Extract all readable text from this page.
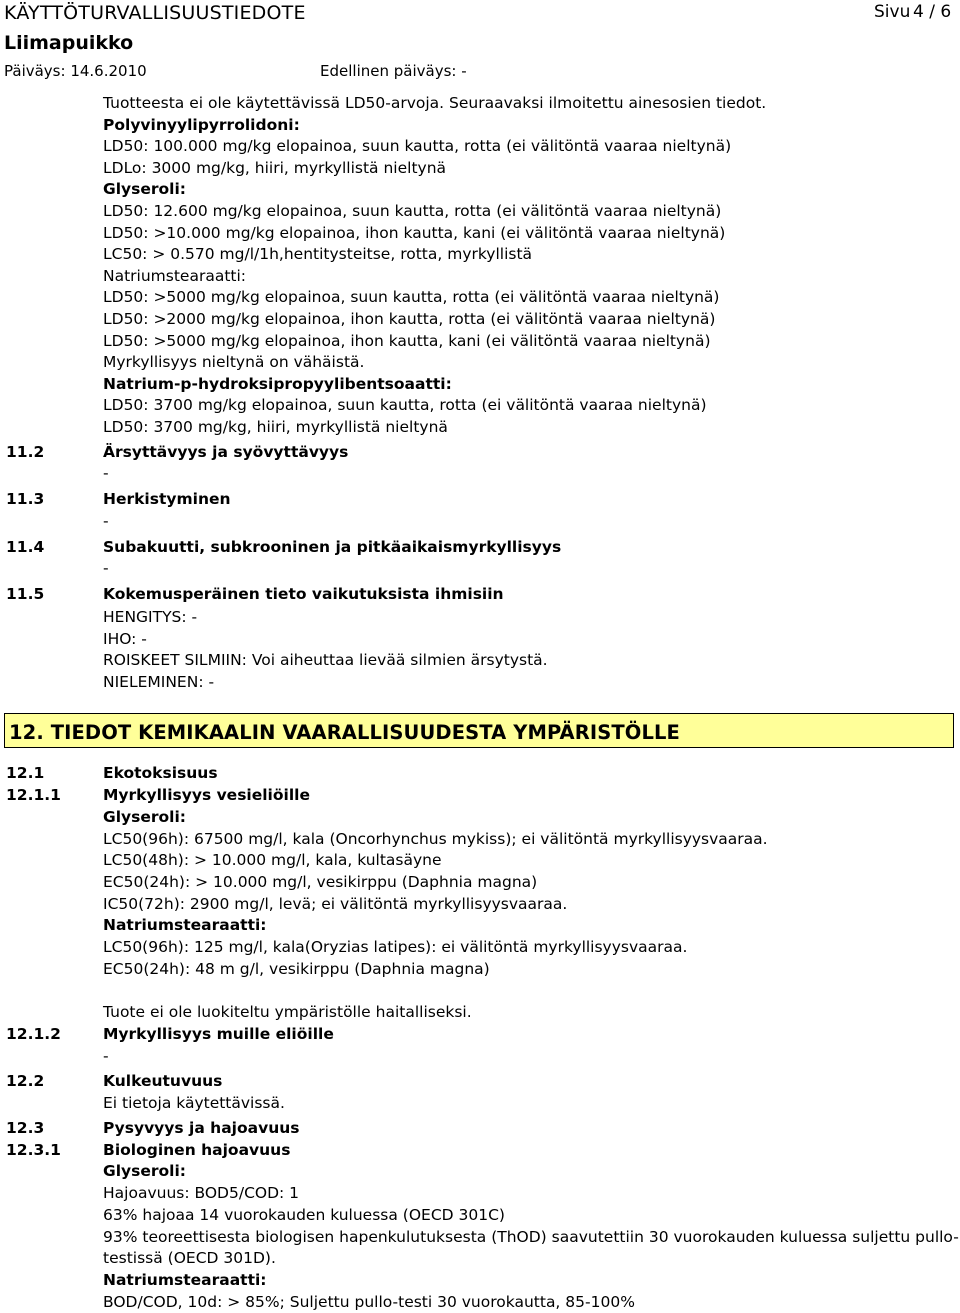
KÄYTTÖTURVALLISUUSTIEDOTE	Sivu 4 / 6
Liimapuikko
Päiväys: 14.6.2010	Edellinen päiväys: -
Tuotteesta ei ole käytettävissä LD50-arvoja. Seuraavaksi ilmoitettu ainesosien tiedot.
Polyvinyylipyrrolidoni:
LD50: 100.000 mg/kg elopainoa, suun kautta, rotta (ei välitöntä vaaraa nieltynä)
LDLo: 3000 mg/kg, hiiri, myrkyllistä nieltynä
Glyseroli:
LD50: 12.600 mg/kg elopainoa, suun kautta, rotta (ei välitöntä vaaraa nieltynä)
LD50: >10.000 mg/kg elopainoa, ihon kautta, kani (ei välitöntä vaaraa nieltynä)
LC50: > 0.570 mg/l/1h,hentitysteitse, rotta, myrkyllistä
Natriumstearaatti:
LD50: >5000 mg/kg elopainoa, suun kautta, rotta (ei välitöntä vaaraa nieltynä)
LD50: >2000 mg/kg elopainoa, ihon kautta, rotta (ei välitöntä vaaraa nieltynä)
LD50: >5000 mg/kg elopainoa, ihon kautta, kani (ei välitöntä vaaraa nieltynä)
Myrkyllisyys nieltynä on vähäistä.
Natrium-p-hydroksipropyylibentsoaatti:
LD50: 3700 mg/kg elopainoa, suun kautta, rotta (ei välitöntä vaaraa nieltynä)
LD50: 3700 mg/kg, hiiri, myrkyllistä nieltynä
11.2	Ärsyttävyys ja syövyttävyys
-
11.3	Herkistyminen
-
11.4	Subakuutti, subkrooninen ja pitkäaikaismyrkyllisyys
-
11.5	Kokemusperäinen tieto vaikutuksista ihmisiin
HENGITYS: -
IHO: -
ROISKEET SILMIIN: Voi aiheuttaa lievää silmien ärsytystä.
NIELEMINEN: -
12. TIEDOT KEMIKAALIN VAARALLISUUDESTA YMPÄRISTÖLLE
12.1	Ekotoksisuus
12.1.1	Myrkyllisyys vesieliöille
Glyseroli:
LC50(96h): 67500 mg/l, kala (Oncorhynchus mykiss); ei välitöntä myrkyllisyysvaaraa.
LC50(48h): > 10.000 mg/l, kala, kultasäyne
EC50(24h): > 10.000 mg/l, vesikirppu (Daphnia magna)
IC50(72h): 2900 mg/l, levä; ei välitöntä myrkyllisyysvaaraa.
Natriumstearaatti:
LC50(96h): 125 mg/l, kala(Oryzias latipes): ei välitöntä myrkyllisyysvaaraa.
EC50(24h): 48 m g/l, vesikirppu (Daphnia magna)
Tuote ei ole luokiteltu ympäristölle haitalliseksi.
12.1.2	Myrkyllisyys muille eliöille
-
12.2	Kulkeutuvuus
Ei tietoja käytettävissä.
12.3	Pysyvyys ja hajoavuus
12.3.1	Biologinen hajoavuus
Glyseroli:
Hajoavuus: BOD5/COD: 1
63% hajoaa 14 vuorokauden kuluessa (OECD 301C)
93% teoreettisesta biologisen hapenkulutuksesta (ThOD) saavutettiin 30 vuorokauden kuluessa suljettu pullo-
testissä (OECD 301D).
Natriumstearaatti:
BOD/COD, 10d: > 85%; Suljettu pullo-testi 30 vuorokautta, 85-100%
